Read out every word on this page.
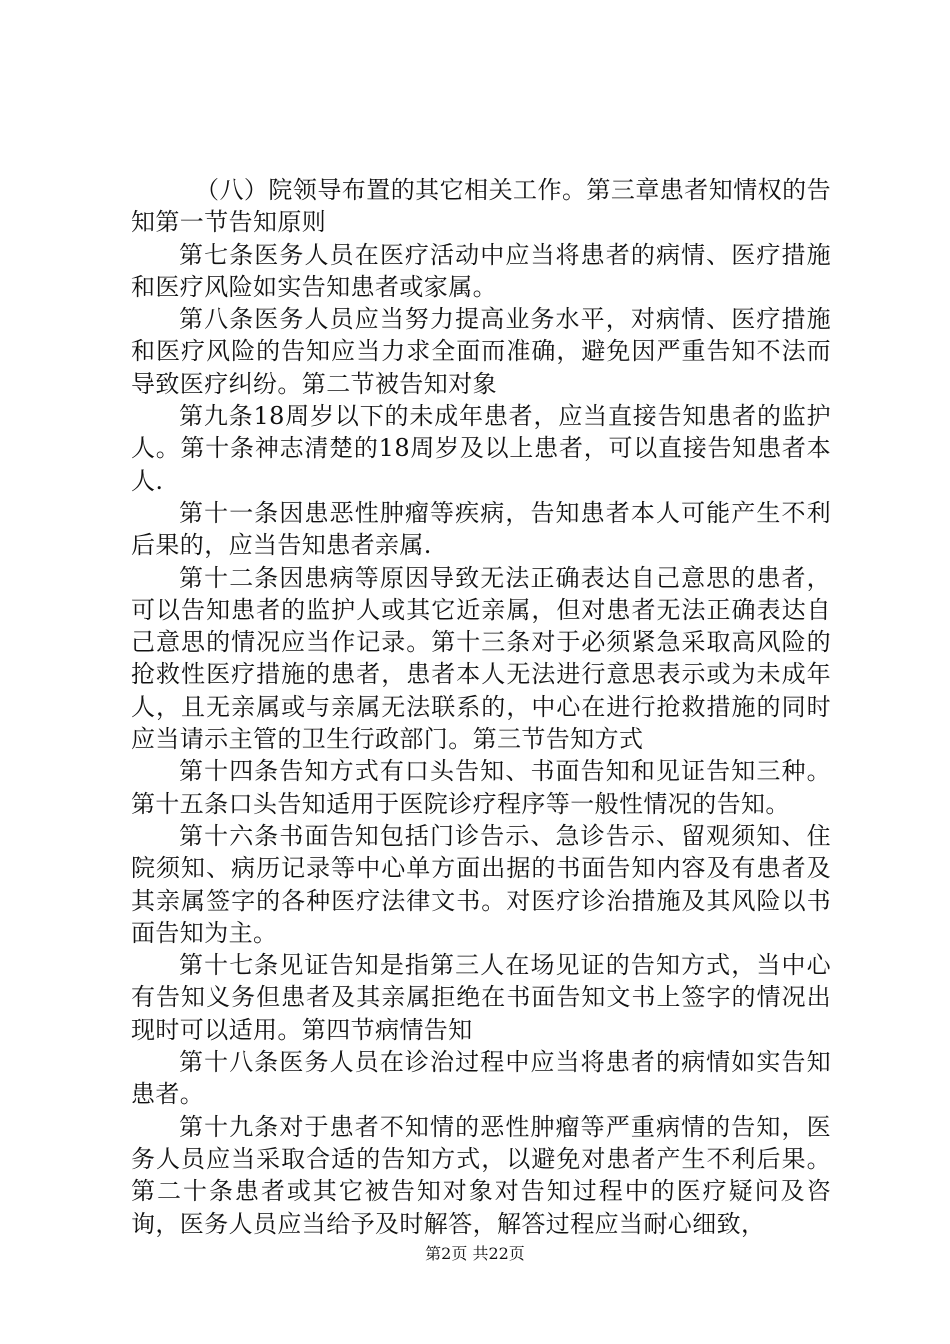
（八）院领导布置的其它相关工作。第三章患者知情权的告知第一节告知原则

第七条医务人员在医疗活动中应当将患者的病情、医疗措施和医疗风险如实告知患者或家属。

第八条医务人员应当努力提高业务水平，对病情、医疗措施和医疗风险的告知应当力求全面而准确，避免因严重告知不法而导致医疗纠纷。第二节被告知对象

第九条18周岁以下的未成年患者，应当直接告知患者的监护人。第十条神志清楚的18周岁及以上患者，可以直接告知患者本人.

第十一条因患恶性肿瘤等疾病，告知患者本人可能产生不利后果的，应当告知患者亲属.

第十二条因患病等原因导致无法正确表达自己意思的患者，可以告知患者的监护人或其它近亲属，但对患者无法正确表达自己意思的情况应当作记录。第十三条对于必须紧急采取高风险的抢救性医疗措施的患者，患者本人无法进行意思表示或为未成年人，且无亲属或与亲属无法联系的，中心在进行抢救措施的同时应当请示主管的卫生行政部门。第三节告知方式

第十四条告知方式有口头告知、书面告知和见证告知三种。第十五条口头告知适用于医院诊疗程序等一般性情况的告知。

第十六条书面告知包括门诊告示、急诊告示、留观须知、住院须知、病历记录等中心单方面出据的书面告知内容及有患者及其亲属签字的各种医疗法律文书。对医疗诊治措施及其风险以书面告知为主。

第十七条见证告知是指第三人在场见证的告知方式，当中心有告知义务但患者及其亲属拒绝在书面告知文书上签字的情况出现时可以适用。第四节病情告知

第十八条医务人员在诊治过程中应当将患者的病情如实告知患者。

第十九条对于患者不知情的恶性肿瘤等严重病情的告知，医务人员应当采取合适的告知方式，以避免对患者产生不利后果。第二十条患者或其它被告知对象对告知过程中的医疗疑问及咨询，医务人员应当给予及时解答，解答过程应当耐心细致，

第2页 共22页
